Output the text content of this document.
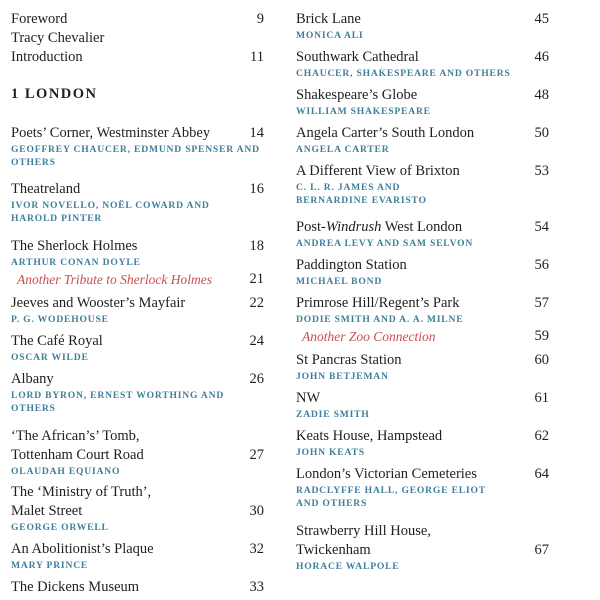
Foreword	9
Tracy Chevalier
Introduction	11
1 LONDON
Poets’ Corner, Westminster Abbey	14
GEOFFREY CHAUCER, EDMUND SPENSER AND OTHERS
Theatreland	16
IVOR NOVELLO, NOËL COWARD AND HAROLD PINTER
The Sherlock Holmes	18
ARTHUR CONAN DOYLE
Another Tribute to Sherlock Holmes	21
Jeeves and Wooster’s Mayfair	22
P. G. WODEHOUSE
The Café Royal	24
OSCAR WILDE
Albany	26
LORD BYRON, ERNEST WORTHING AND OTHERS
‘The African’s’ Tomb, Tottenham Court Road	27
OLAUDAH EQUIANO
The ‘Ministry of Truth’, Malet Street	30
GEORGE ORWELL
An Abolitionist’s Plaque	32
MARY PRINCE
The Dickens Museum	33
Brick Lane	45
MONICA ALI
Southwark Cathedral	46
CHAUCER, SHAKESPEARE AND OTHERS
Shakespeare’s Globe	48
WILLIAM SHAKESPEARE
Angela Carter’s South London	50
ANGELA CARTER
A Different View of Brixton	53
C. L. R. JAMES AND BERNARDINE EVARISTO
Post-Windrush West London	54
ANDREA LEVY AND SAM SELVON
Paddington Station	56
MICHAEL BOND
Primrose Hill/Regent’s Park	57
DODIE SMITH AND A. A. MILNE
Another Zoo Connection	59
St Pancras Station	60
JOHN BETJEMAN
NW	61
ZADIE SMITH
Keats House, Hampstead	62
JOHN KEATS
London’s Victorian Cemeteries	64
RADCLYFFE HALL, GEORGE ELIOT AND OTHERS
Strawberry Hill House, Twickenham	67
HORACE WALPOLE
